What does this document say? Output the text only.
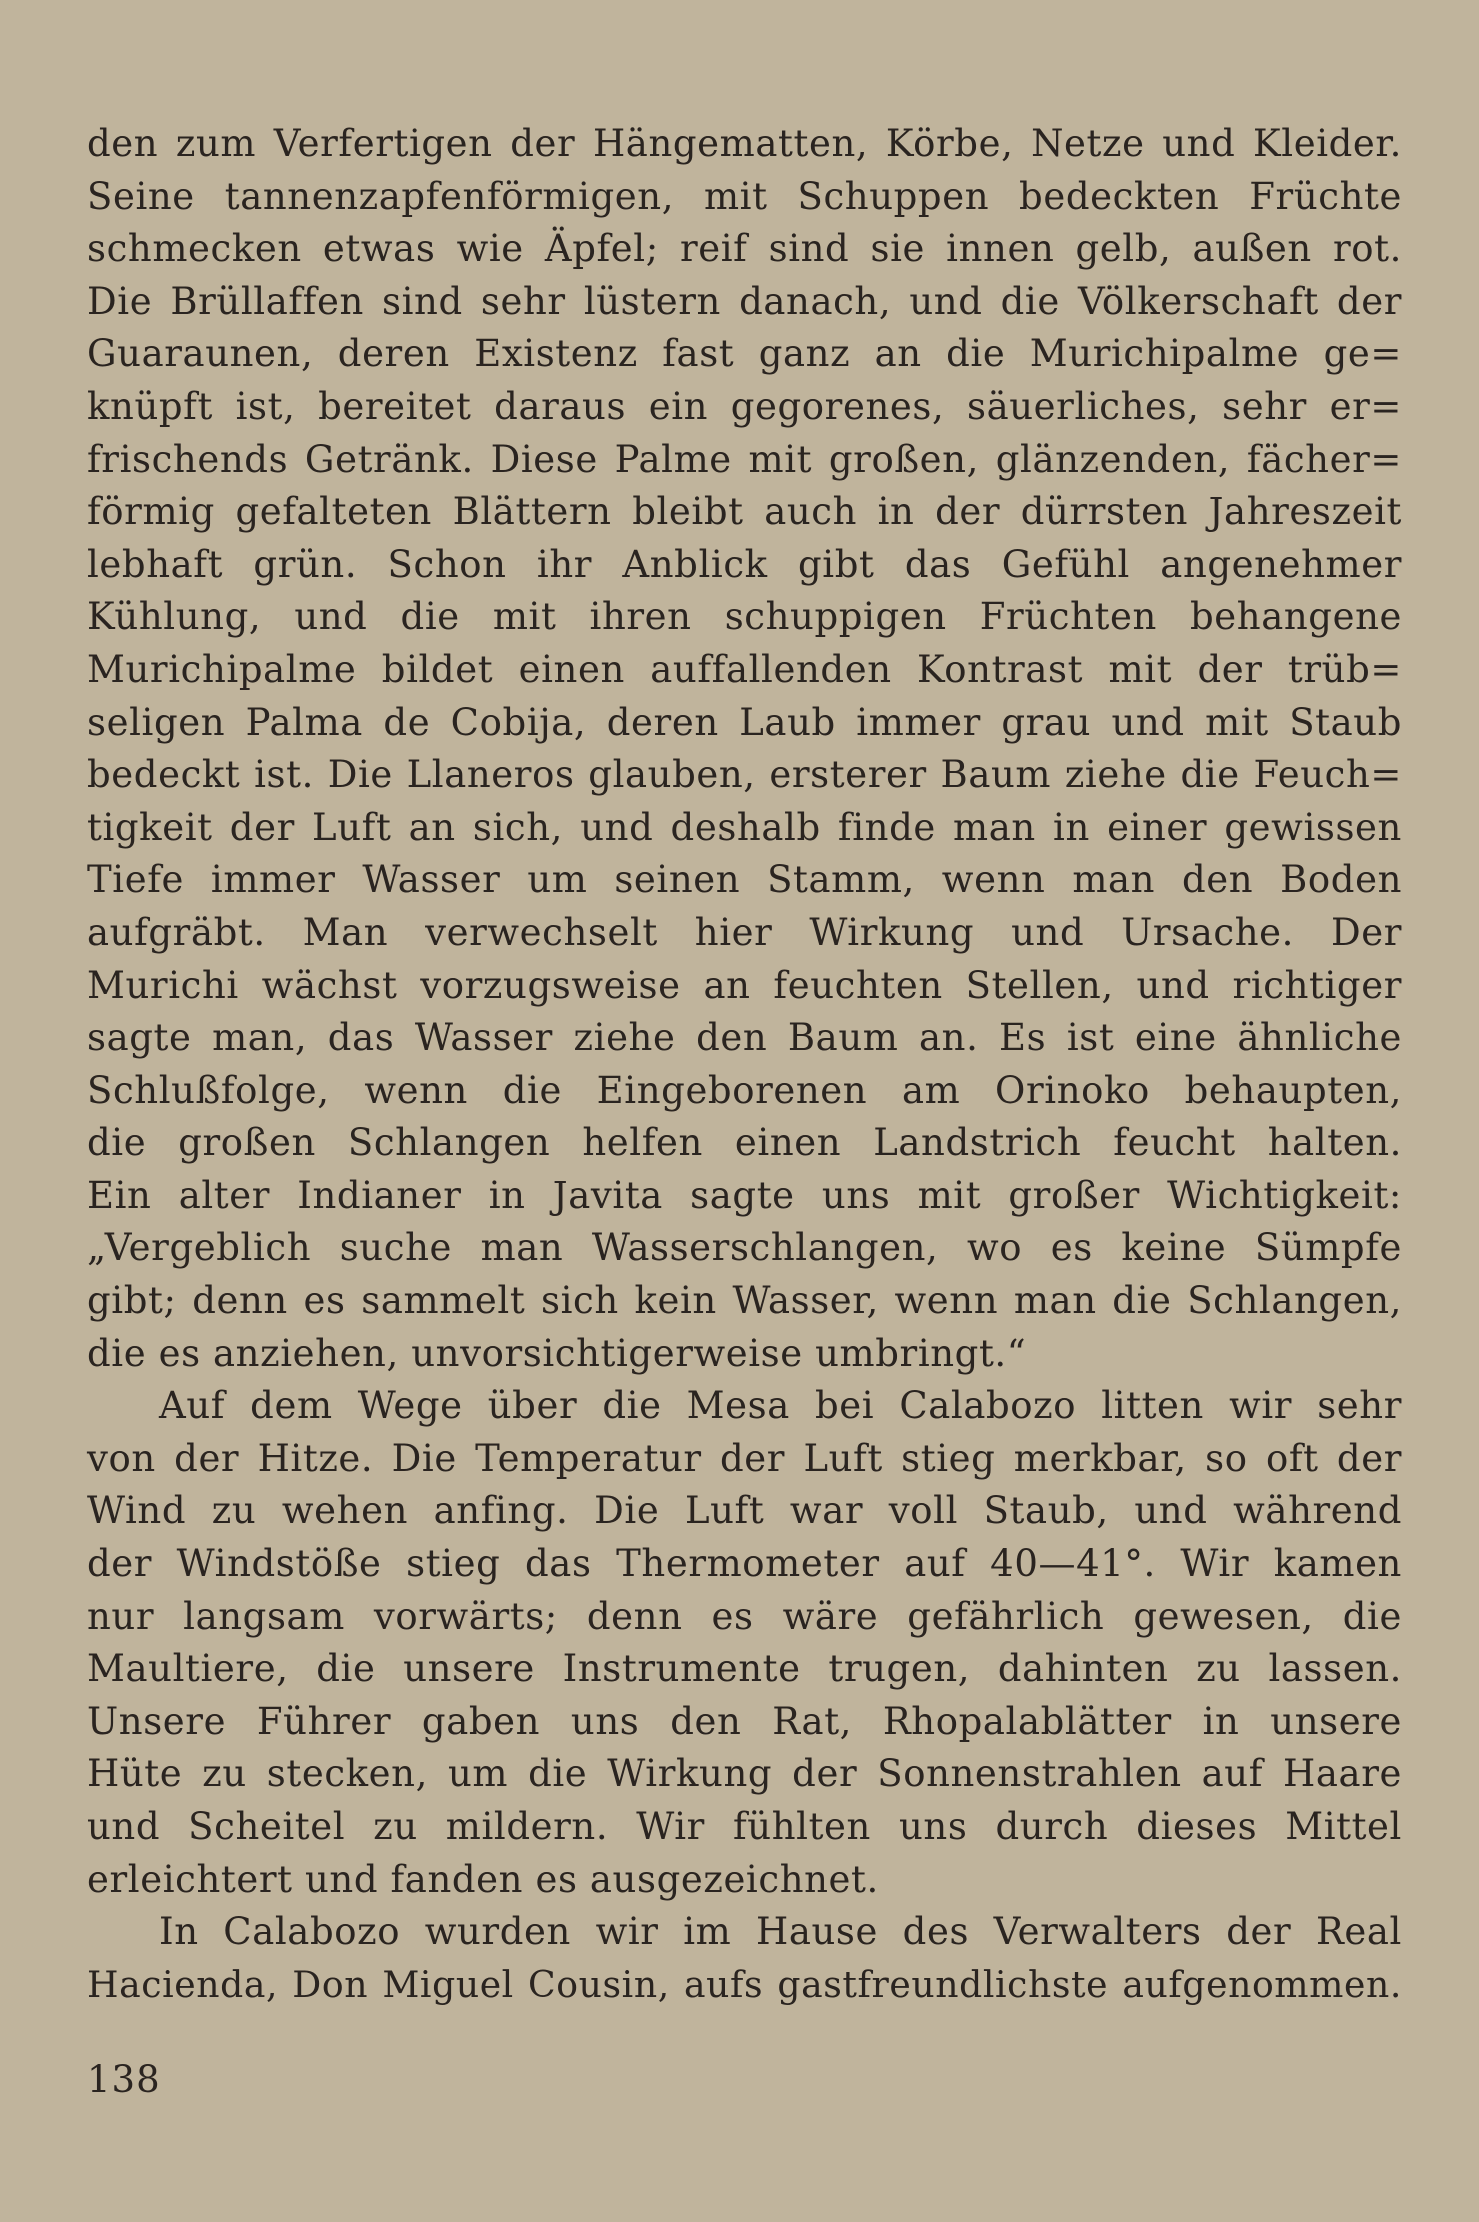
den zum Verfertigen der Hängematten, Körbe, Netze und Kleider.
Seine tannenzapfenförmigen, mit Schuppen bedeckten Früchte
schmecken etwas wie Äpfel; reif sind sie innen gelb, außen rot.
Die Brüllaffen sind sehr lüstern danach, und die Völkerschaft der
Guaraunen, deren Existenz fast ganz an die Murichipalme ge=
knüpft ist, bereitet daraus ein gegorenes, säuerliches, sehr er=
frischends Getränk. Diese Palme mit großen, glänzenden, fächer=
förmig gefalteten Blättern bleibt auch in der dürrsten Jahreszeit
lebhaft grün. Schon ihr Anblick gibt das Gefühl angenehmer
Kühlung, und die mit ihren schuppigen Früchten behangene
Murichipalme bildet einen auffallenden Kontrast mit der trüb=
seligen Palma de Cobija, deren Laub immer grau und mit Staub
bedeckt ist. Die Llaneros glauben, ersterer Baum ziehe die Feuch=
tigkeit der Luft an sich, und deshalb finde man in einer gewissen
Tiefe immer Wasser um seinen Stamm, wenn man den Boden
aufgräbt. Man verwechselt hier Wirkung und Ursache. Der
Murichi wächst vorzugsweise an feuchten Stellen, und richtiger
sagte man, das Wasser ziehe den Baum an. Es ist eine ähnliche
Schlußfolge, wenn die Eingeborenen am Orinoko behaupten,
die großen Schlangen helfen einen Landstrich feucht halten.
Ein alter Indianer in Javita sagte uns mit großer Wichtigkeit:
„Vergeblich suche man Wasserschlangen, wo es keine Sümpfe
gibt; denn es sammelt sich kein Wasser, wenn man die Schlangen,
die es anziehen, unvorsichtigerweise umbringt.“
Auf dem Wege über die Mesa bei Calabozo litten wir sehr
von der Hitze. Die Temperatur der Luft stieg merkbar, so oft der
Wind zu wehen anfing. Die Luft war voll Staub, und während
der Windstöße stieg das Thermometer auf 40—41°. Wir kamen
nur langsam vorwärts; denn es wäre gefährlich gewesen, die
Maultiere, die unsere Instrumente trugen, dahinten zu lassen.
Unsere Führer gaben uns den Rat, Rhopalablätter in unsere
Hüte zu stecken, um die Wirkung der Sonnenstrahlen auf Haare
und Scheitel zu mildern. Wir fühlten uns durch dieses Mittel
erleichtert und fanden es ausgezeichnet.
In Calabozo wurden wir im Hause des Verwalters der Real
Hacienda, Don Miguel Cousin, aufs gastfreundlichste aufgenommen.
138
